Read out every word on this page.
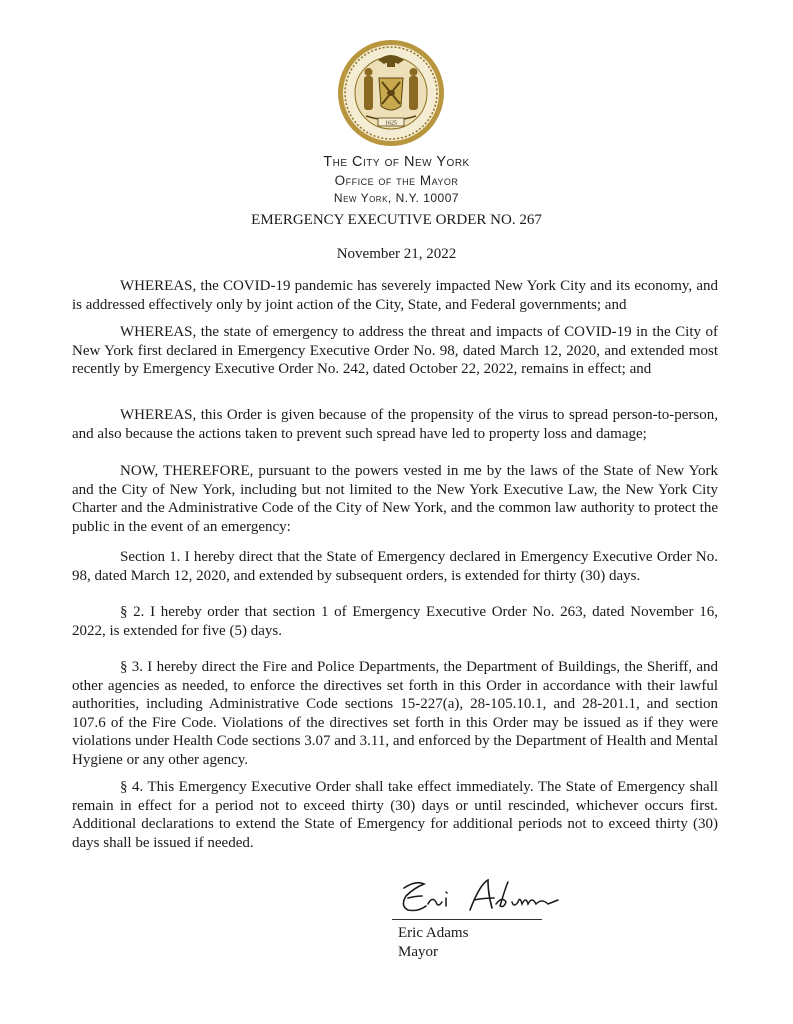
1625
The City of New York
Office of the Mayor
New York, N.Y. 10007
EMERGENCY EXECUTIVE ORDER NO. 267
November 21, 2022

WHEREAS, the COVID-19 pandemic has severely impacted New York City and its economy, and is addressed effectively only by joint action of the City, State, and Federal governments; and

WHEREAS, the state of emergency to address the threat and impacts of COVID-19 in the City of New York first declared in Emergency Executive Order No. 98, dated March 12, 2020, and extended most recently by Emergency Executive Order No. 242, dated October 22, 2022, remains in effect; and

WHEREAS, this Order is given because of the propensity of the virus to spread person-to-person, and also because the actions taken to prevent such spread have led to property loss and damage;

NOW, THEREFORE, pursuant to the powers vested in me by the laws of the State of New York and the City of New York, including but not limited to the New York Executive Law, the New York City Charter and the Administrative Code of the City of New York, and the common law authority to protect the public in the event of an emergency:

Section 1. I hereby direct that the State of Emergency declared in Emergency Executive Order No. 98, dated March 12, 2020, and extended by subsequent orders, is extended for thirty (30) days.

§ 2. I hereby order that section 1 of Emergency Executive Order No. 263, dated November 16, 2022, is extended for five (5) days.

§ 3. I hereby direct the Fire and Police Departments, the Department of Buildings, the Sheriff, and other agencies as needed, to enforce the directives set forth in this Order in accordance with their lawful authorities, including Administrative Code sections 15-227(a), 28-105.10.1, and 28-201.1, and section 107.6 of the Fire Code. Violations of the directives set forth in this Order may be issued as if they were violations under Health Code sections 3.07 and 3.11, and enforced by the Department of Health and Mental Hygiene or any other agency.

§ 4. This Emergency Executive Order shall take effect immediately. The State of Emergency shall remain in effect for a period not to exceed thirty (30) days or until rescinded, whichever occurs first. Additional declarations to extend the State of Emergency for additional periods not to exceed thirty (30) days shall be issued if needed.

Eric Adams
Mayor
